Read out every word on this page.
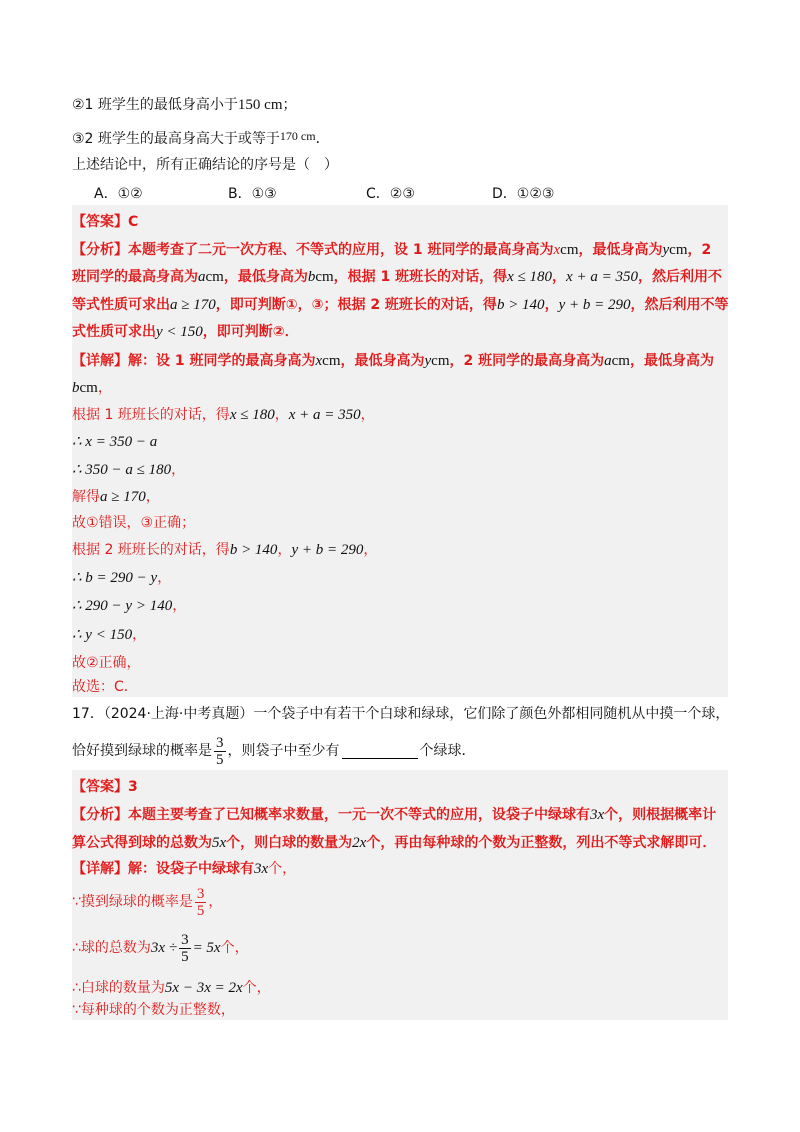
②1 班学生的最低身高小于150 cm；
③2 班学生的最高身高大于或等于170 cm．
上述结论中，所有正确结论的序号是（　）
A．①②	B．①③	C．②③	D．①②③
【答案】C
【分析】本题考查了二元一次方程、不等式的应用，设 1 班同学的最高身高为xcm，最低身高为ycm，2
班同学的最高身高为acm，最低身高为bcm，根据 1 班班长的对话，得x ≤ 180，x + a = 350，然后利用不
等式性质可求出a ≥ 170，即可判断①，③；根据 2 班班长的对话，得b > 140，y + b = 290，然后利用不等
式性质可求出y < 150，即可判断②．
【详解】解：设 1 班同学的最高身高为xcm，最低身高为ycm，2 班同学的最高身高为acm，最低身高为
bcm，
根据 1 班班长的对话，得x ≤ 180，x + a = 350，
∴ x = 350 − a
∴ 350 − a ≤ 180，
解得a ≥ 170，
故①错误，③正确；
根据 2 班班长的对话，得b > 140，y + b = 290，
∴ b = 290 − y，
∴ 290 − y > 140，
∴ y < 150，
故②正确，
故选：C．
17．（2024·上海·中考真题）一个袋子中有若干个白球和绿球，它们除了颜色外都相同随机从中摸一个球，
恰好摸到绿球的概率是 $\frac{3}{5}$ ，则袋子中至少有	个绿球．
【答案】3
【分析】本题主要考查了已知概率求数量，一元一次不等式的应用，设袋子中绿球有3x个，则根据概率计
算公式得到球的总数为5x个，则白球的数量为2x个，再由每种球的个数为正整数，列出不等式求解即可．
【详解】解：设袋子中绿球有3x个，
∵摸到绿球的概率是 $\frac{3}{5}$ ，
∴球的总数为 $3x \div \frac{3}{5} = 5x$ 个，
∴白球的数量为5x − 3x = 2x个，
∵每种球的个数为正整数，
